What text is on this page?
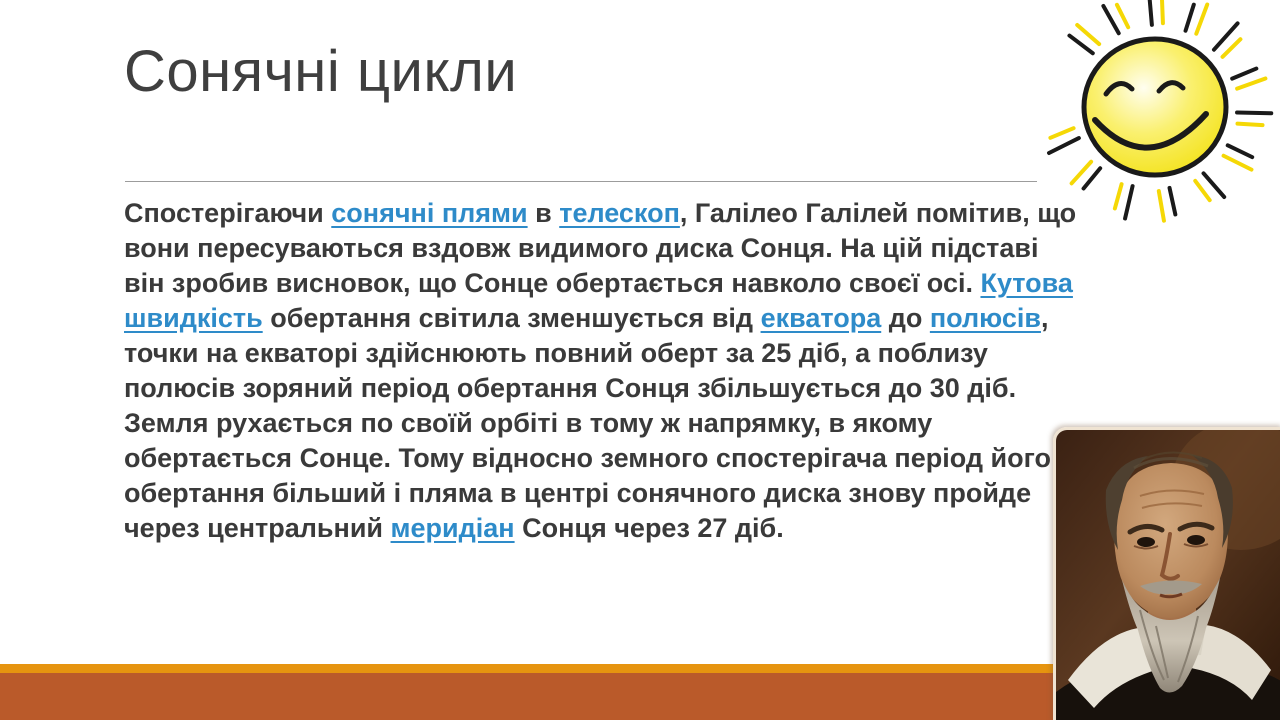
Сонячні цикли
Спостерігаючи сонячні плями в телескоп, Галілео Галілей помітив, що
вони пересуваються вздовж видимого диска Сонця. На цій підставі
він зробив висновок, що Сонце обертається навколо своєї осі. Кутова
швидкість обертання світила зменшується від екватора до полюсів,
точки на екваторі здійснюють повний оберт за 25 діб, а поблизу
полюсів зоряний період обертання Сонця збільшується до 30 діб.
Земля рухається по своїй орбіті в тому ж напрямку, в якому
обертається Сонце. Тому відносно земного спостерігача період його
обертання більший і пляма в центрі сонячного диска знову пройде
через центральний меридіан Сонця через 27 діб.
